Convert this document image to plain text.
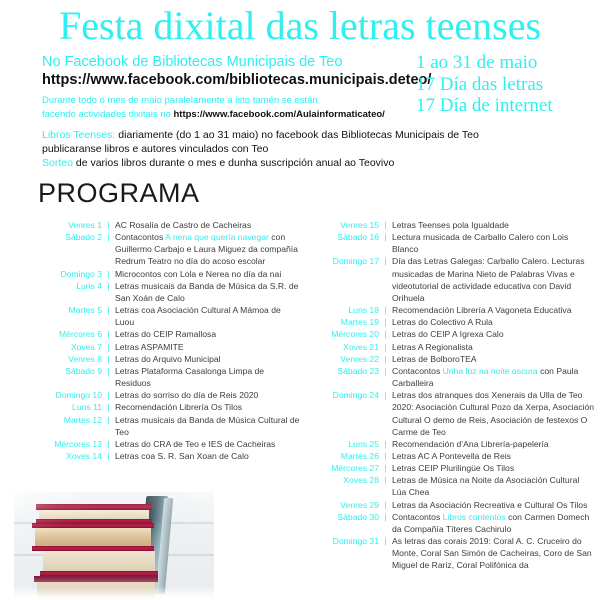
Festa dixital das letras teenses
No Facebook de Bibliotecas Municipais de Teo
https://www.facebook.com/bibliotecas.municipais.deteo/
Durante todo o mes de maio paralelamente a isto tamén se están
facendo actividades dixitais no https://www.facebook.com/Aulainformaticateo/
1 ao 31 de maio
17 Día das letras
17 Día de internet
Libros Teenses: diariamente (do 1 ao 31 maio) no facebook das Bibliotecas Municipais de Teo
publicaranse libros e autores vinculados con Teo
Sorteo de varios libros durante o mes e dunha suscripción anual ao Teovivo
PROGRAMA
Venres 1 | AC Rosalía de Castro de Cacheiras
Sábado 2 | Contacontos A nena que quería navegar con Guillermo Carbajo e Laura Miguez da compañía Redrum Teatro no día do acoso escolar
Domingo 3 | Microcontos con Lola e Nerea no día da nai
Luns 4 | Letras musicais da Banda de Música da S.R. de San Xoán de Calo
Martes 5 | Letras coa Asociación Cultural A Mámoa de Luou
Mércores 6 | Letras do CEIP Ramallosa
Xoves 7 | Letras ASPAMITE
Venres 8 | Letras do Arquivo Municipal
Sábado 9 | Letras Plataforma Casalonga Limpa de Residuos
Domingo 10 | Letras do sorriso do día de Reis 2020
Luns 11 | Recomendación Librería Os Tilos
Martes 12 | Letras musicais da Banda de Música Cultural de Teo
Mércores 13 | Letras do CRA de Teo e IES de Cacheiras
Xoves 14 | Letras coa S. R. San Xoan de Calo
Venres 15 | Letras Teenses pola Igualdade
Sábado 16 | Lectura musicada de Carballo Calero con Lois Blanco
Domingo 17 | Día das Letras Galegas: Carballo Calero. Lecturas musicadas de Marina Nieto de Palabras Vivas e videotutorial de actividade educativa con David Orihuela
Luns 18 | Recomendación Librería A Vagoneta Educativa
Martes 19 | Letras do Colectivo A Rula
Mércores 20 | Letras do CEIP A Igrexa Calo
Xoves 21 | Letras A Regionalista
Venres 22 | Letras de BolboroTEA
Sábado 23 | Contacontos Unha luz na noite oscura con Paula Carballeira
Domingo 24 | Letras dos atranques dos Xenerais da Ulla de Teo 2020: Asociación Cultural Pozo da Xerpa, Asociación Cultural O demo de Reis, Asociación de festexos O Carme de Teo
Luns 25 | Recomendación d’Ana Librería-papelería
Martes 26 | Letras AC A Pontevella de Reis
Mércores 27 | Letras CEIP Plurilingüe Os Tilos
Xoves 28 | Letras de Música na Noite da Asociación Cultural Lúa Chea
Venres 29 | Letras da Asociación Recreativa e Cultural Os Tilos
Sábado 30 | Contacontos Libros contentos con Carmen Domech da Compañía Títeres Cachirulo
Domingo 31 | As letras das corais 2019: Coral A. C. Cruceiro do Monte, Coral San Simón de Cacheiras, Coro de San Miguel de Rariz, Coral Polifónica da
